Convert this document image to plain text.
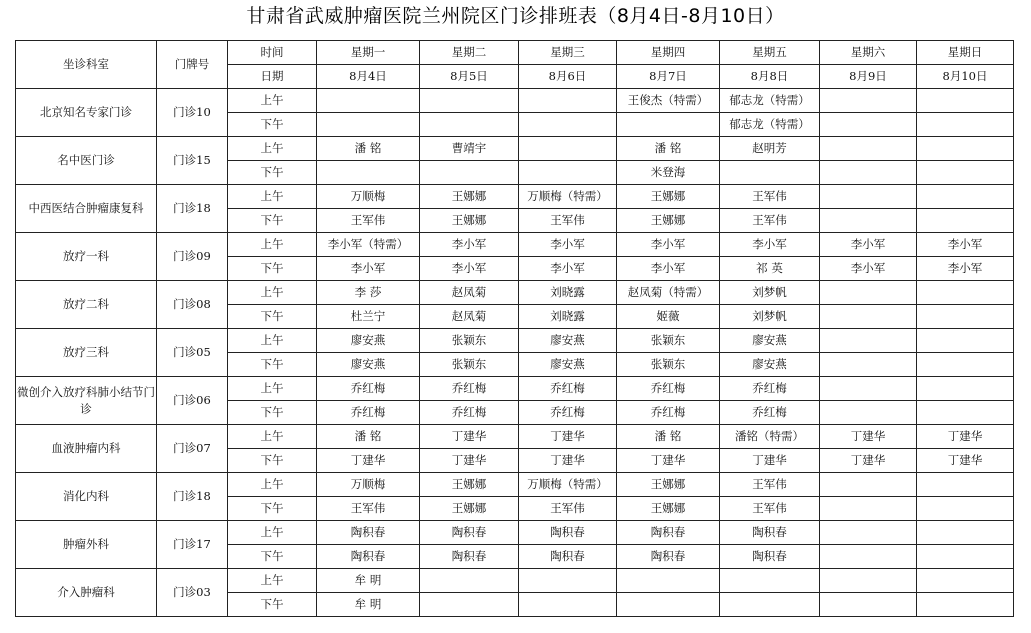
甘肃省武威肿瘤医院兰州院区门诊排班表（8月4日-8月10日）
坐诊科室	门牌号	时间	星期一	星期二	星期三	星期四	星期五	星期六	星期日
		日期	8月4日	8月5日	8月6日	8月7日	8月8日	8月9日	8月10日
北京知名专家门诊	门诊10	上午				王俊杰（特需）	郁志龙（特需）		
		下午					郁志龙（特需）		
名中医门诊	门诊15	上午	潘 铭	曹靖宇		潘 铭	赵明芳		
		下午				米登海			
中西医结合肿瘤康复科	门诊18	上午	万顺梅	王娜娜	万顺梅（特需）	王娜娜	王军伟		
		下午	王军伟	王娜娜	王军伟	王娜娜	王军伟		
放疗一科	门诊09	上午	李小军（特需）	李小军	李小军	李小军	李小军	李小军	李小军
		下午	李小军	李小军	李小军	李小军	祁 英	李小军	李小军
放疗二科	门诊08	上午	李 莎	赵凤菊	刘晓露	赵凤菊（特需）	刘梦帆		
		下午	杜兰宁	赵凤菊	刘晓露	姬薇	刘梦帆		
放疗三科	门诊05	上午	廖安燕	张颖东	廖安燕	张颖东	廖安燕		
		下午	廖安燕	张颖东	廖安燕	张颖东	廖安燕		
微创介入放疗科肺小结节门诊	门诊06	上午	乔红梅	乔红梅	乔红梅	乔红梅	乔红梅		
		下午	乔红梅	乔红梅	乔红梅	乔红梅	乔红梅		
血液肿瘤内科	门诊07	上午	潘 铭	丁建华	丁建华	潘 铭	潘铭（特需）	丁建华	丁建华
		下午	丁建华	丁建华	丁建华	丁建华	丁建华	丁建华	丁建华
消化内科	门诊18	上午	万顺梅	王娜娜	万顺梅（特需）	王娜娜	王军伟		
		下午	王军伟	王娜娜	王军伟	王娜娜	王军伟		
肿瘤外科	门诊17	上午	陶积春	陶积春	陶积春	陶积春	陶积春		
		下午	陶积春	陶积春	陶积春	陶积春	陶积春		
介入肿瘤科	门诊03	上午	牟 明						
		下午	牟 明						
